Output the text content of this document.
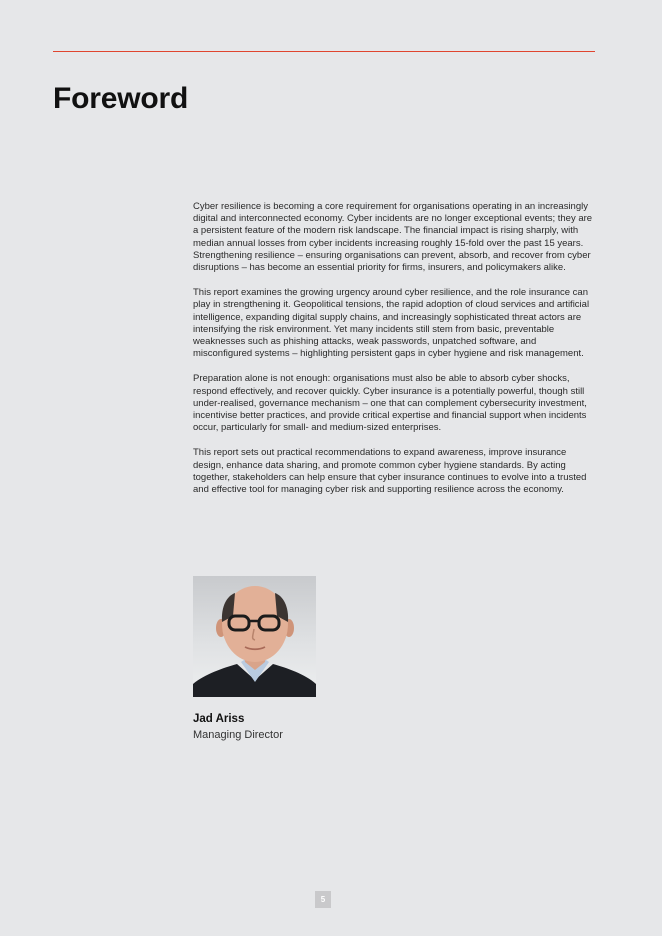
Foreword

Cyber resilience is becoming a core requirement for organisations operating in an increasingly digital and interconnected economy. Cyber incidents are no longer exceptional events; they are a persistent feature of the modern risk landscape. The financial impact is rising sharply, with median annual losses from cyber incidents increasing roughly 15-fold over the past 15 years. Strengthening resilience – ensuring organisations can prevent, absorb, and recover from cyber disruptions – has become an essential priority for firms, insurers, and policymakers alike.

This report examines the growing urgency around cyber resilience, and the role insurance can play in strengthening it. Geopolitical tensions, the rapid adoption of cloud services and artificial intelligence, expanding digital supply chains, and increasingly sophisticated threat actors are intensifying the risk environment. Yet many incidents still stem from basic, preventable weaknesses such as phishing attacks, weak passwords, unpatched software, and misconfigured systems – highlighting persistent gaps in cyber hygiene and risk management.

Preparation alone is not enough: organisations must also be able to absorb cyber shocks, respond effectively, and recover quickly. Cyber insurance is a potentially powerful, though still under-realised, governance mechanism – one that can complement cybersecurity investment, incentivise better practices, and provide critical expertise and financial support when incidents occur, particularly for small- and medium-sized enterprises.

This report sets out practical recommendations to expand awareness, improve insurance design, enhance data sharing, and promote common cyber hygiene standards. By acting together, stakeholders can help ensure that cyber insurance continues to evolve into a trusted and effective tool for managing cyber risk and supporting resilience across the economy.

Jad Ariss
Managing Director
5
